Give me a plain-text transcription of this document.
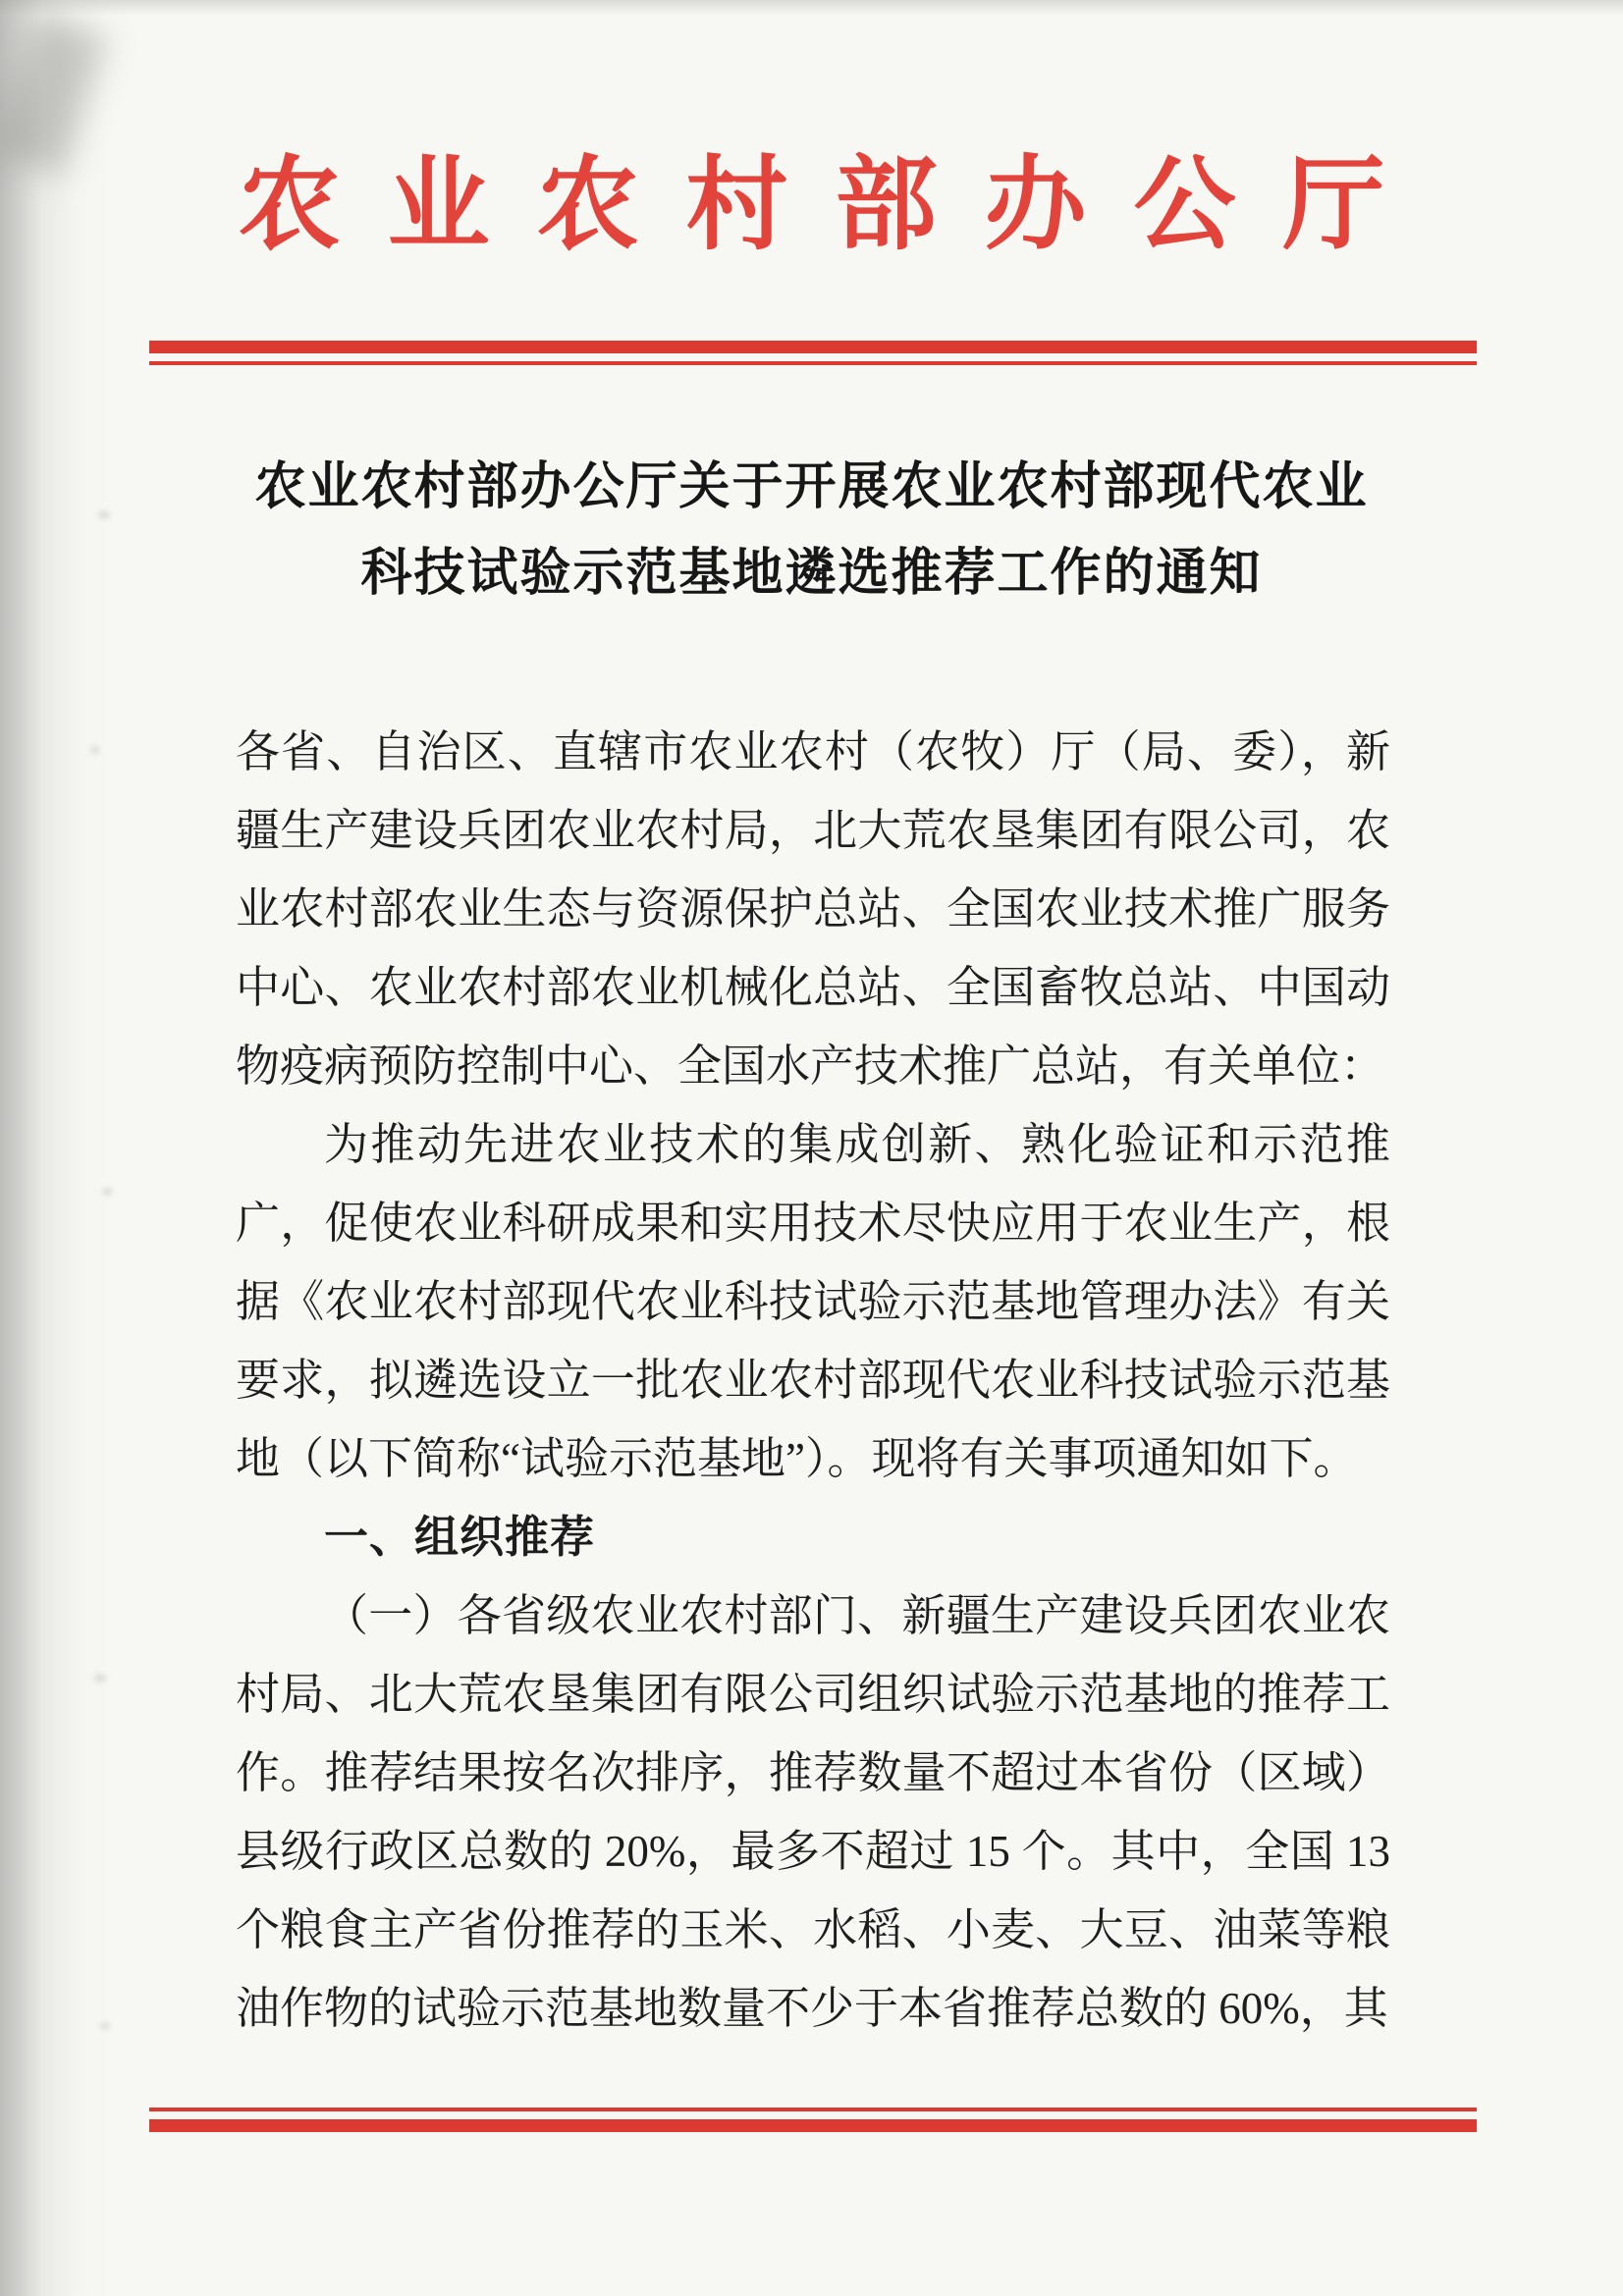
农业农村部办公厅
农业农村部办公厅关于开展农业农村部现代农业
科技试验示范基地遴选推荐工作的通知

各省、自治区、直辖市农业农村（农牧）厅（局、委），新疆生产建设兵团农业农村局，北大荒农垦集团有限公司，农业农村部农业生态与资源保护总站、全国农业技术推广服务中心、农业农村部农业机械化总站、全国畜牧总站、中国动物疫病预防控制中心、全国水产技术推广总站，有关单位：

为推动先进农业技术的集成创新、熟化验证和示范推广，促使农业科研成果和实用技术尽快应用于农业生产，根据《农业农村部现代农业科技试验示范基地管理办法》有关要求，拟遴选设立一批农业农村部现代农业科技试验示范基地（以下简称“试验示范基地”）。现将有关事项通知如下。

一、组织推荐

（一）各省级农业农村部门、新疆生产建设兵团农业农村局、北大荒农垦集团有限公司组织试验示范基地的推荐工作。推荐结果按名次排序，推荐数量不超过本省份（区域）县级行政区总数的 20%，最多不超过 15 个。其中，全国 13 个粮食主产省份推荐的玉米、水稻、小麦、大豆、油菜等粮油作物的试验示范基地数量不少于本省推荐总数的 60%，其
